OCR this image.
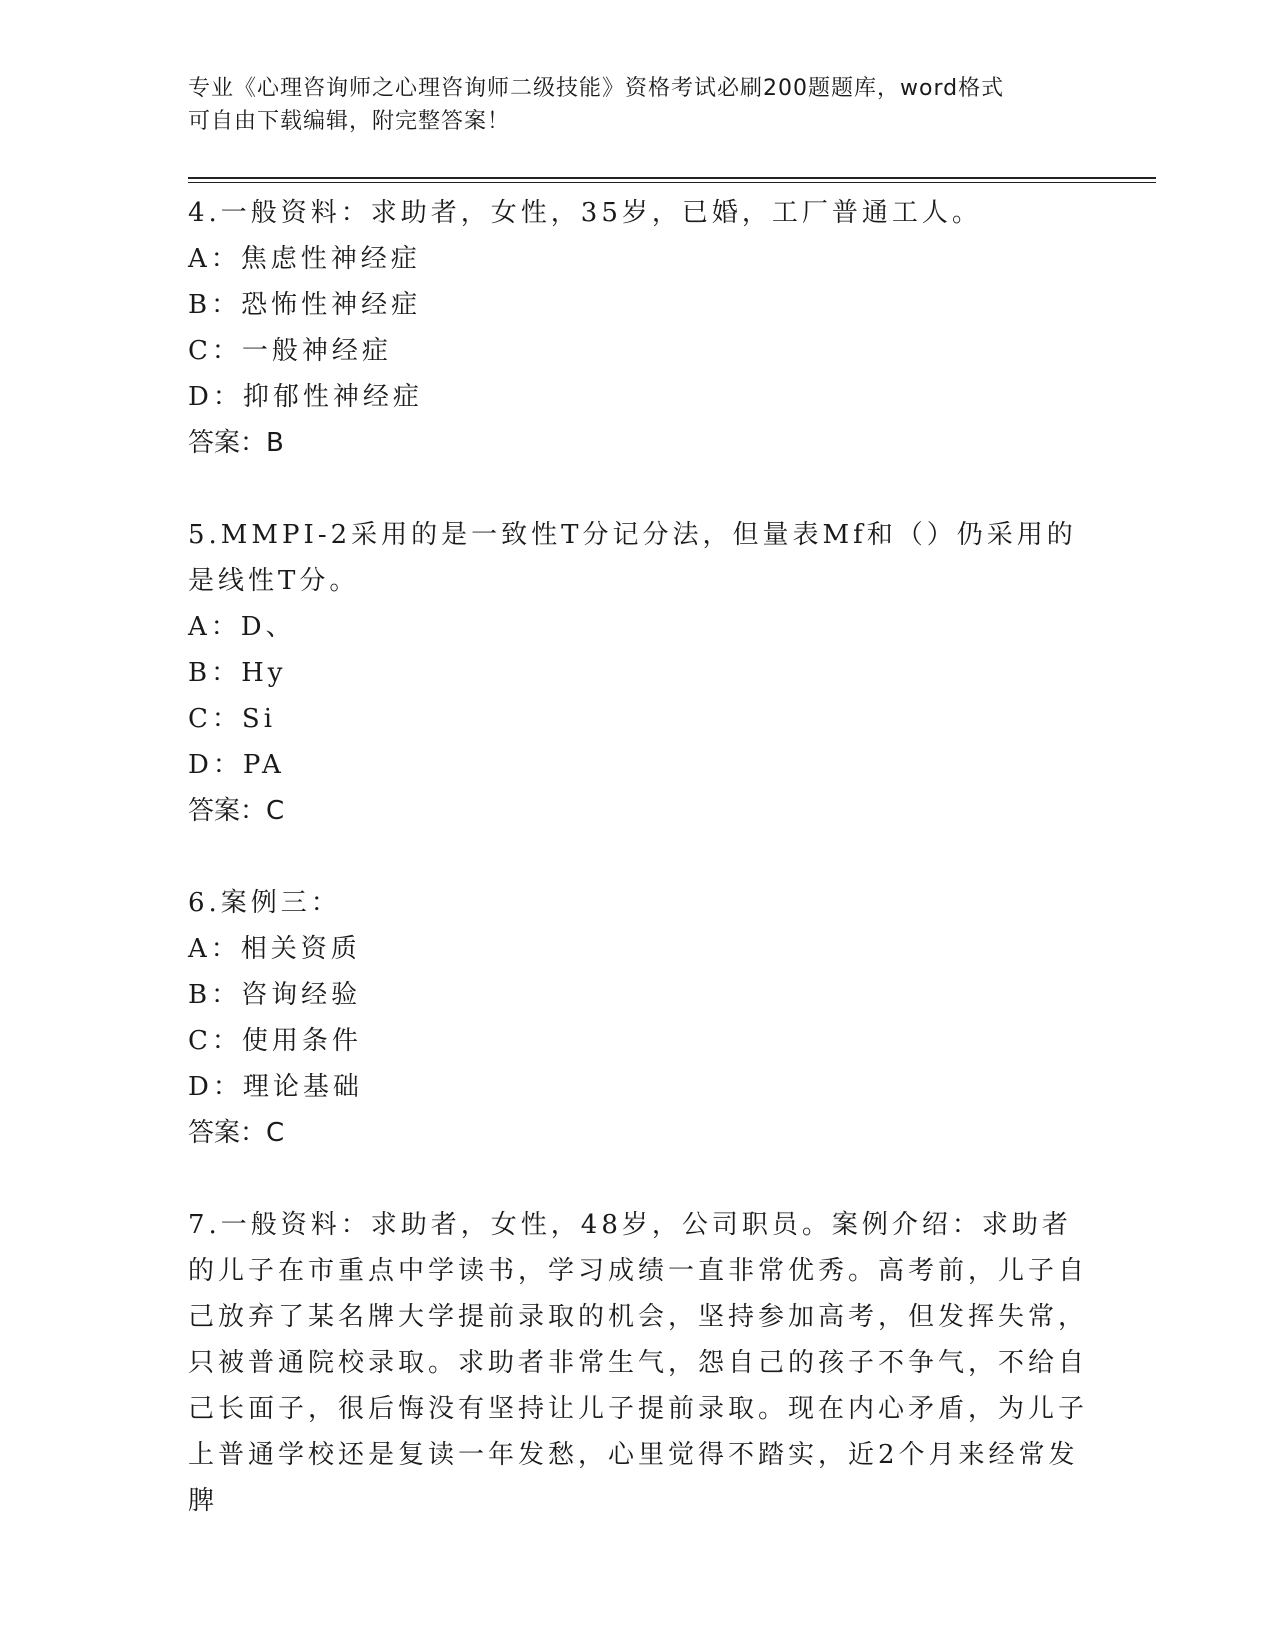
专业《心理咨询师之心理咨询师二级技能》资格考试必刷200题题库，word格式
可自由下载编辑，附完整答案！

4.一般资料：求助者，女性，35岁，已婚，工厂普通工人。

A：焦虑性神经症

B：恐怖性神经症

C：一般神经症

D：抑郁性神经症

答案：B

5.MMPI-2采用的是一致性T分记分法，但量表Mf和（）仍采用的是线性T分。

A：D、

B：Hy

C：Si

D：PA

答案：C

6.案例三：

A：相关资质

B：咨询经验

C：使用条件

D：理论基础

答案：C

7.一般资料：求助者，女性，48岁，公司职员。案例介绍：求助者的儿子在市重点中学读书，学习成绩一直非常优秀。高考前，儿子自己放弃了某名牌大学提前录取的机会，坚持参加高考，但发挥失常，只被普通院校录取。求助者非常生气，怨自己的孩子不争气，不给自己长面子，很后悔没有坚持让儿子提前录取。现在内心矛盾，为儿子上普通学校还是复读一年发愁，心里觉得不踏实，近2个月来经常发脾
